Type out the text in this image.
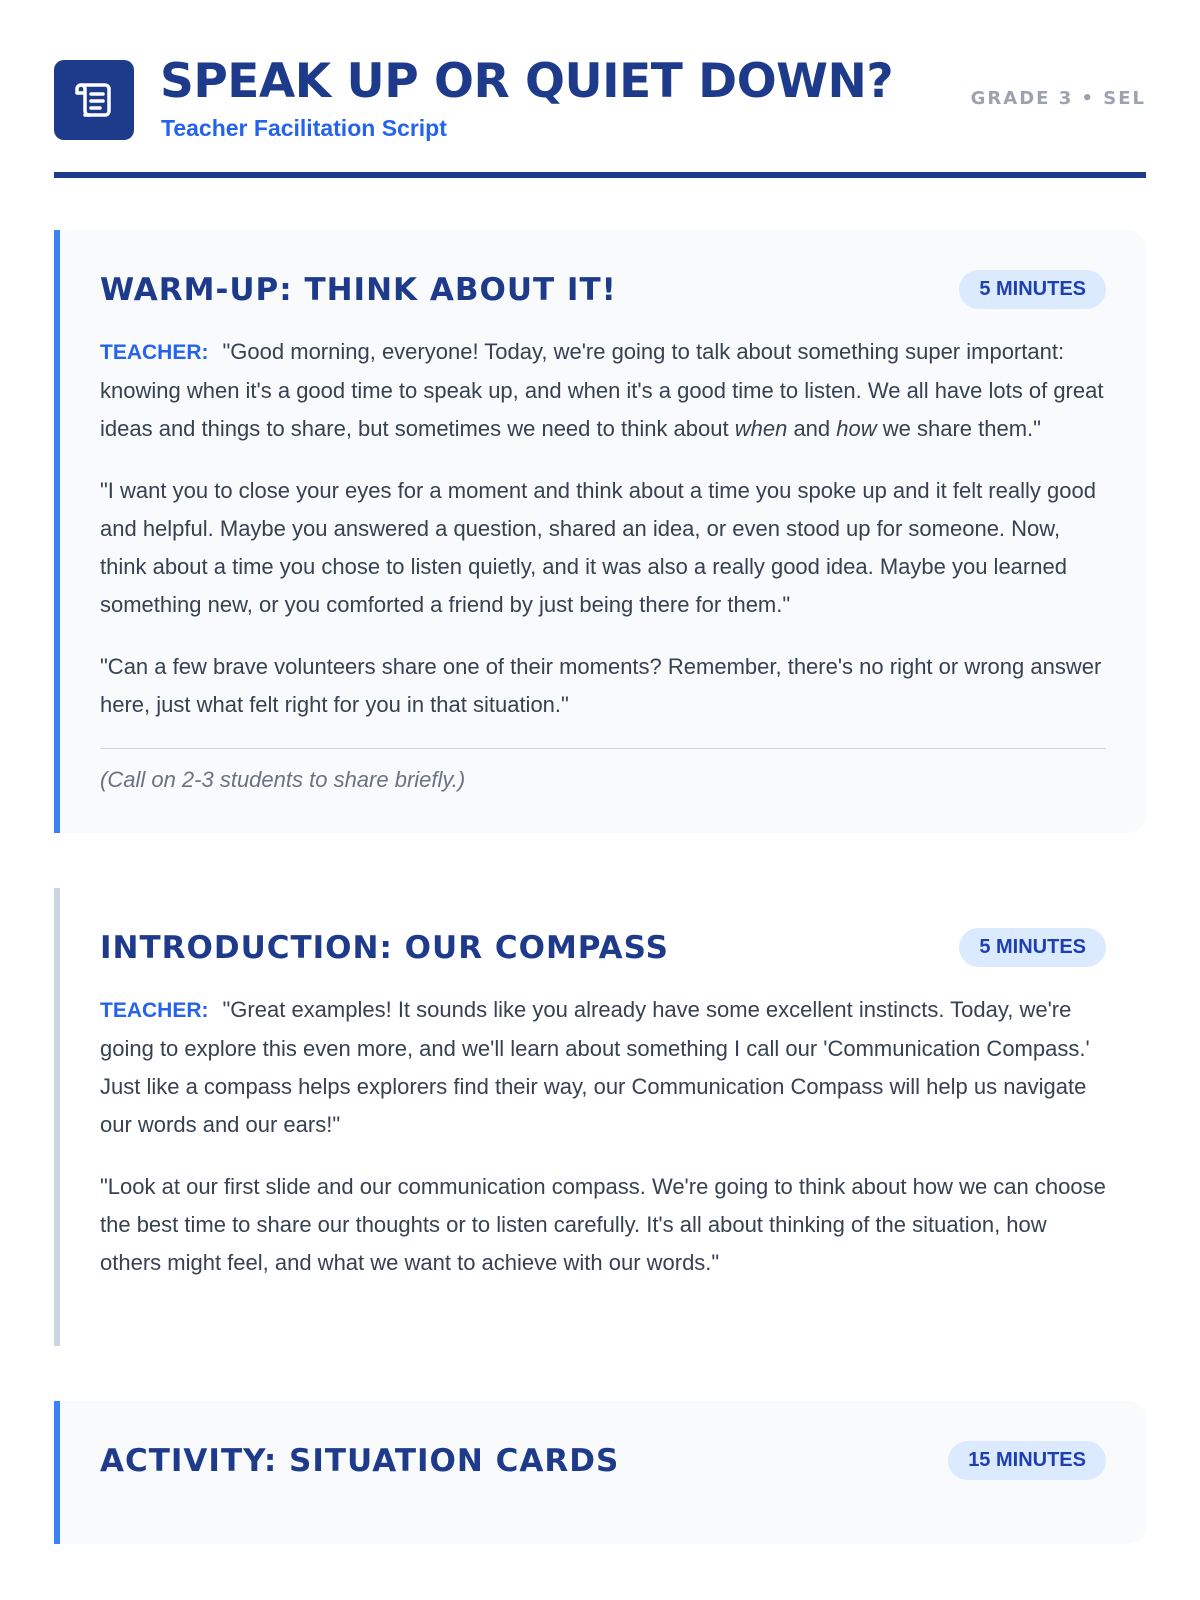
SPEAK UP OR QUIET DOWN?
Teacher Facilitation Script
GRADE 3 • SEL
WARM-UP: THINK ABOUT IT!	5 MINUTES

TEACHER: "Good morning, everyone! Today, we're going to talk about something super important: knowing when it's a good time to speak up, and when it's a good time to listen. We all have lots of great ideas and things to share, but sometimes we need to think about when and how we share them."

"I want you to close your eyes for a moment and think about a time you spoke up and it felt really good and helpful. Maybe you answered a question, shared an idea, or even stood up for someone. Now, think about a time you chose to listen quietly, and it was also a really good idea. Maybe you learned something new, or you comforted a friend by just being there for them."

"Can a few brave volunteers share one of their moments? Remember, there's no right or wrong answer here, just what felt right for you in that situation."

(Call on 2-3 students to share briefly.)
INTRODUCTION: OUR COMPASS	5 MINUTES

TEACHER: "Great examples! It sounds like you already have some excellent instincts. Today, we're going to explore this even more, and we'll learn about something I call our 'Communication Compass.' Just like a compass helps explorers find their way, our Communication Compass will help us navigate our words and our ears!"

"Look at our first slide and our communication compass. We're going to think about how we can choose the best time to share our thoughts or to listen carefully. It's all about thinking of the situation, how others might feel, and what we want to achieve with our words."

ACTIVITY: SITUATION CARDS	15 MINUTES
